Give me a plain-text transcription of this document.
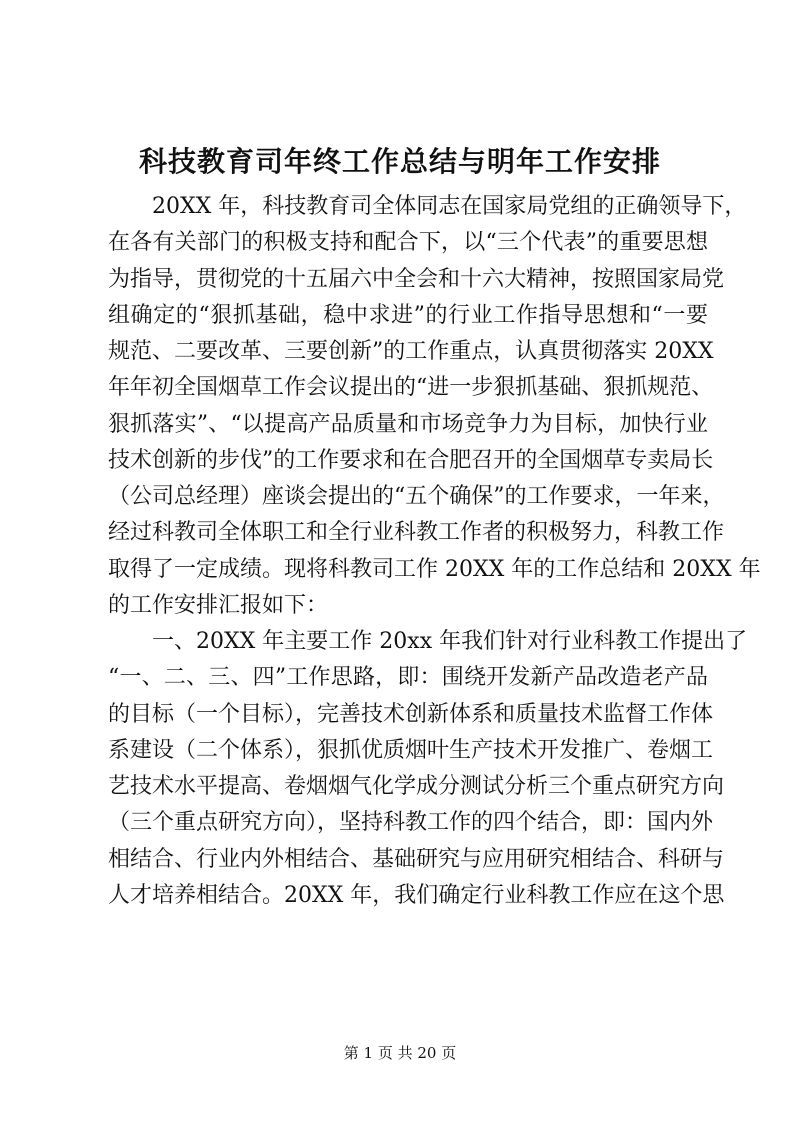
科技教育司年终工作总结与明年工作安排
20XX 年，科技教育司全体同志在国家局党组的正确领导下，
在各有关部门的积极支持和配合下，以“三个代表”的重要思想
为指导，贯彻党的十五届六中全会和十六大精神，按照国家局党
组确定的“狠抓基础，稳中求进”的行业工作指导思想和“一要
规范、二要改革、三要创新”的工作重点，认真贯彻落实 20XX
年年初全国烟草工作会议提出的“进一步狠抓基础、狠抓规范、
狠抓落实”、“以提高产品质量和市场竞争力为目标，加快行业
技术创新的步伐”的工作要求和在合肥召开的全国烟草专卖局长
（公司总经理）座谈会提出的“五个确保”的工作要求，一年来，
经过科教司全体职工和全行业科教工作者的积极努力，科教工作
取得了一定成绩。现将科教司工作 20XX 年的工作总结和 20XX 年
的工作安排汇报如下：
一、20XX 年主要工作 20xx 年我们针对行业科教工作提出了
“一、二、三、四”工作思路，即：围绕开发新产品改造老产品
的目标（一个目标），完善技术创新体系和质量技术监督工作体
系建设（二个体系），狠抓优质烟叶生产技术开发推广、卷烟工
艺技术水平提高、卷烟烟气化学成分测试分析三个重点研究方向
（三个重点研究方向），坚持科教工作的四个结合，即：国内外
相结合、行业内外相结合、基础研究与应用研究相结合、科研与
人才培养相结合。20XX 年，我们确定行业科教工作应在这个思
第 1 页 共 20 页
